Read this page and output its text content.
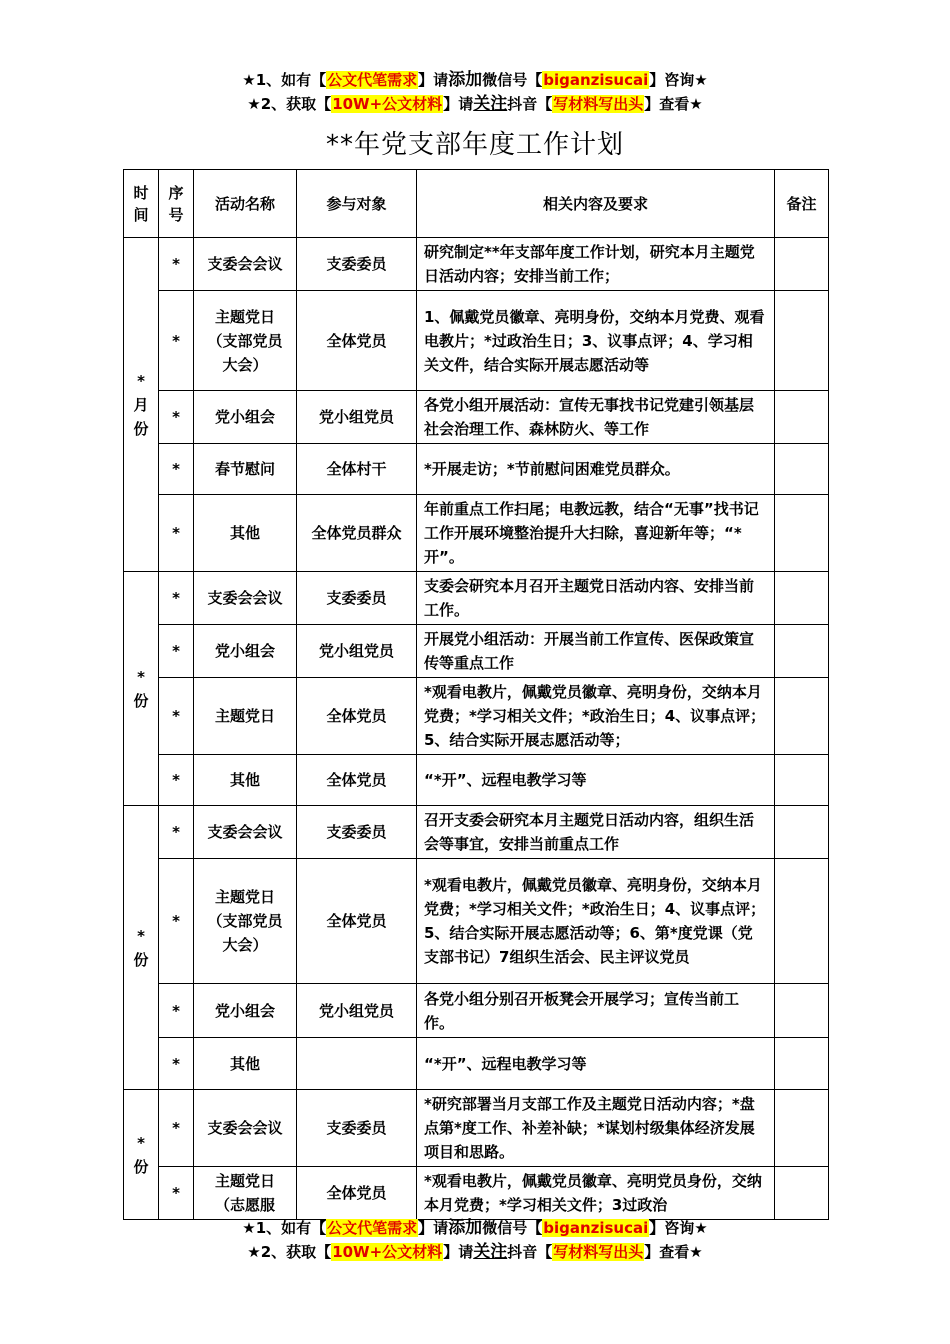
★1、如有【公文代笔需求】请添加微信号【biganzisucai】咨询★
★2、获取【10W+公文材料】请关注抖音【写材料写出头】查看★
**年党支部年度工作计划
时间	序号	活动名称	参与对象	相关内容及要求	备注
*月份	*	支委会会议	支委委员	研究制定**年支部年度工作计划，研究本月主题党日活动内容；安排当前工作；	
	*	主题党日（支部党员大会）	全体党员	1、佩戴党员徽章、亮明身份，交纳本月党费、观看电教片；*过政治生日；3、议事点评；4、学习相关文件，结合实际开展志愿活动等	
	*	党小组会	党小组党员	各党小组开展活动：宣传无事找书记党建引领基层社会治理工作、森林防火、等工作	
	*	春节慰问	全体村干	*开展走访；*节前慰问困难党员群众。	
	*	其他	全体党员群众	年前重点工作扫尾；电教远教，结合“无事”找书记工作开展环境整治提升大扫除，喜迎新年等；“*开”。	
*份	*	支委会会议	支委委员	支委会研究本月召开主题党日活动内容、安排当前工作。	
	*	党小组会	党小组党员	开展党小组活动：开展当前工作宣传、医保政策宣传等重点工作	
	*	主题党日	全体党员	*观看电教片，佩戴党员徽章、亮明身份，交纳本月党费；*学习相关文件；*政治生日；4、议事点评；5、结合实际开展志愿活动等；	
	*	其他	全体党员	“*开”、远程电教学习等	
*份	*	支委会会议	支委委员	召开支委会研究本月主题党日活动内容，组织生活会等事宜，安排当前重点工作	
	*	主题党日（支部党员大会）	全体党员	*观看电教片，佩戴党员徽章、亮明身份，交纳本月党费；*学习相关文件；*政治生日；4、议事点评；5、结合实际开展志愿活动等；6、第*度党课（党支部书记）7组织生活会、民主评议党员	
	*	党小组会	党小组党员	各党小组分别召开板凳会开展学习；宣传当前工作。	
	*	其他		“*开”、远程电教学习等	
*份	*	支委会会议	支委委员	*研究部署当月支部工作及主题党日活动内容；*盘点第*度工作、补差补缺；*谋划村级集体经济发展项目和思路。	
	*	主题党日（志愿服	全体党员	*观看电教片，佩戴党员徽章、亮明党员身份，交纳本月党费；*学习相关文件；3过政治	
★1、如有【公文代笔需求】请添加微信号【biganzisucai】咨询★
★2、获取【10W+公文材料】请关注抖音【写材料写出头】查看★
